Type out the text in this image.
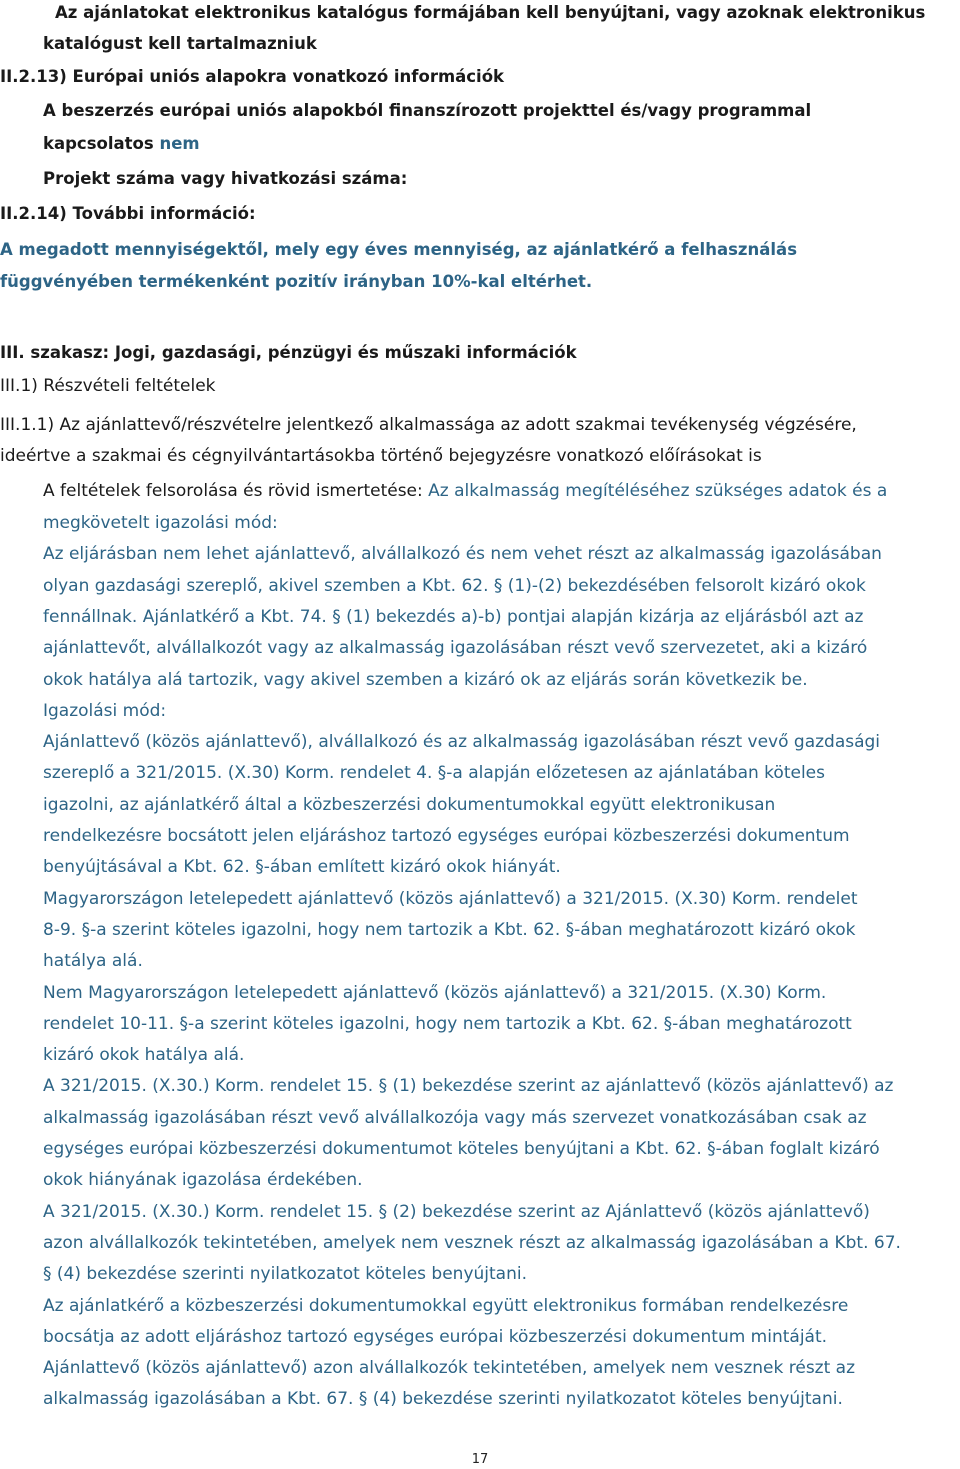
Az ajánlatokat elektronikus katalógus formájában kell benyújtani, vagy azoknak elektronikus
katalógust kell tartalmazniuk
II.2.13) Európai uniós alapokra vonatkozó információk
A beszerzés európai uniós alapokból finanszírozott projekttel és/vagy programmal
kapcsolatos nem
Projekt száma vagy hivatkozási száma:
II.2.14) További információ:
A megadott mennyiségektől, mely egy éves mennyiség, az ajánlatkérő a felhasználás
függvényében termékenként pozitív irányban 10%-kal eltérhet.
III. szakasz: Jogi, gazdasági, pénzügyi és műszaki információk
III.1) Részvételi feltételek
III.1.1) Az ajánlattevő/részvételre jelentkező alkalmassága az adott szakmai tevékenység végzésére,
ideértve a szakmai és cégnyilvántartásokba történő bejegyzésre vonatkozó előírásokat is
A feltételek felsorolása és rövid ismertetése: Az alkalmasság megítéléséhez szükséges adatok és a
megkövetelt igazolási mód:
Az eljárásban nem lehet ajánlattevő, alvállalkozó és nem vehet részt az alkalmasság igazolásában
olyan gazdasági szereplő, akivel szemben a Kbt. 62. § (1)-(2) bekezdésében felsorolt kizáró okok
fennállnak. Ajánlatkérő a Kbt. 74. § (1) bekezdés a)-b) pontjai alapján kizárja az eljárásból azt az
ajánlattevőt, alvállalkozót vagy az alkalmasság igazolásában részt vevő szervezetet, aki a kizáró
okok hatálya alá tartozik, vagy akivel szemben a kizáró ok az eljárás során következik be.
Igazolási mód:
Ajánlattevő (közös ajánlattevő), alvállalkozó és az alkalmasság igazolásában részt vevő gazdasági
szereplő a 321/2015. (X.30) Korm. rendelet 4. §-a alapján előzetesen az ajánlatában köteles
igazolni, az ajánlatkérő által a közbeszerzési dokumentumokkal együtt elektronikusan
rendelkezésre bocsátott jelen eljáráshoz tartozó egységes európai közbeszerzési dokumentum
benyújtásával a Kbt. 62. §-ában említett kizáró okok hiányát.
Magyarországon letelepedett ajánlattevő (közös ajánlattevő) a 321/2015. (X.30) Korm. rendelet
8-9. §-a szerint köteles igazolni, hogy nem tartozik a Kbt. 62. §-ában meghatározott kizáró okok
hatálya alá.
Nem Magyarországon letelepedett ajánlattevő (közös ajánlattevő) a 321/2015. (X.30) Korm.
rendelet 10-11. §-a szerint köteles igazolni, hogy nem tartozik a Kbt. 62. §-ában meghatározott
kizáró okok hatálya alá.
A 321/2015. (X.30.) Korm. rendelet 15. § (1) bekezdése szerint az ajánlattevő (közös ajánlattevő) az
alkalmasság igazolásában részt vevő alvállalkozója vagy más szervezet vonatkozásában csak az
egységes európai közbeszerzési dokumentumot köteles benyújtani a Kbt. 62. §-ában foglalt kizáró
okok hiányának igazolása érdekében.
A 321/2015. (X.30.) Korm. rendelet 15. § (2) bekezdése szerint az Ajánlattevő (közös ajánlattevő)
azon alvállalkozók tekintetében, amelyek nem vesznek részt az alkalmasság igazolásában a Kbt. 67.
§ (4) bekezdése szerinti nyilatkozatot köteles benyújtani.
Az ajánlatkérő a közbeszerzési dokumentumokkal együtt elektronikus formában rendelkezésre
bocsátja az adott eljáráshoz tartozó egységes európai közbeszerzési dokumentum mintáját.
Ajánlattevő (közös ajánlattevő) azon alvállalkozók tekintetében, amelyek nem vesznek részt az
alkalmasság igazolásában a Kbt. 67. § (4) bekezdése szerinti nyilatkozatot köteles benyújtani.
17
